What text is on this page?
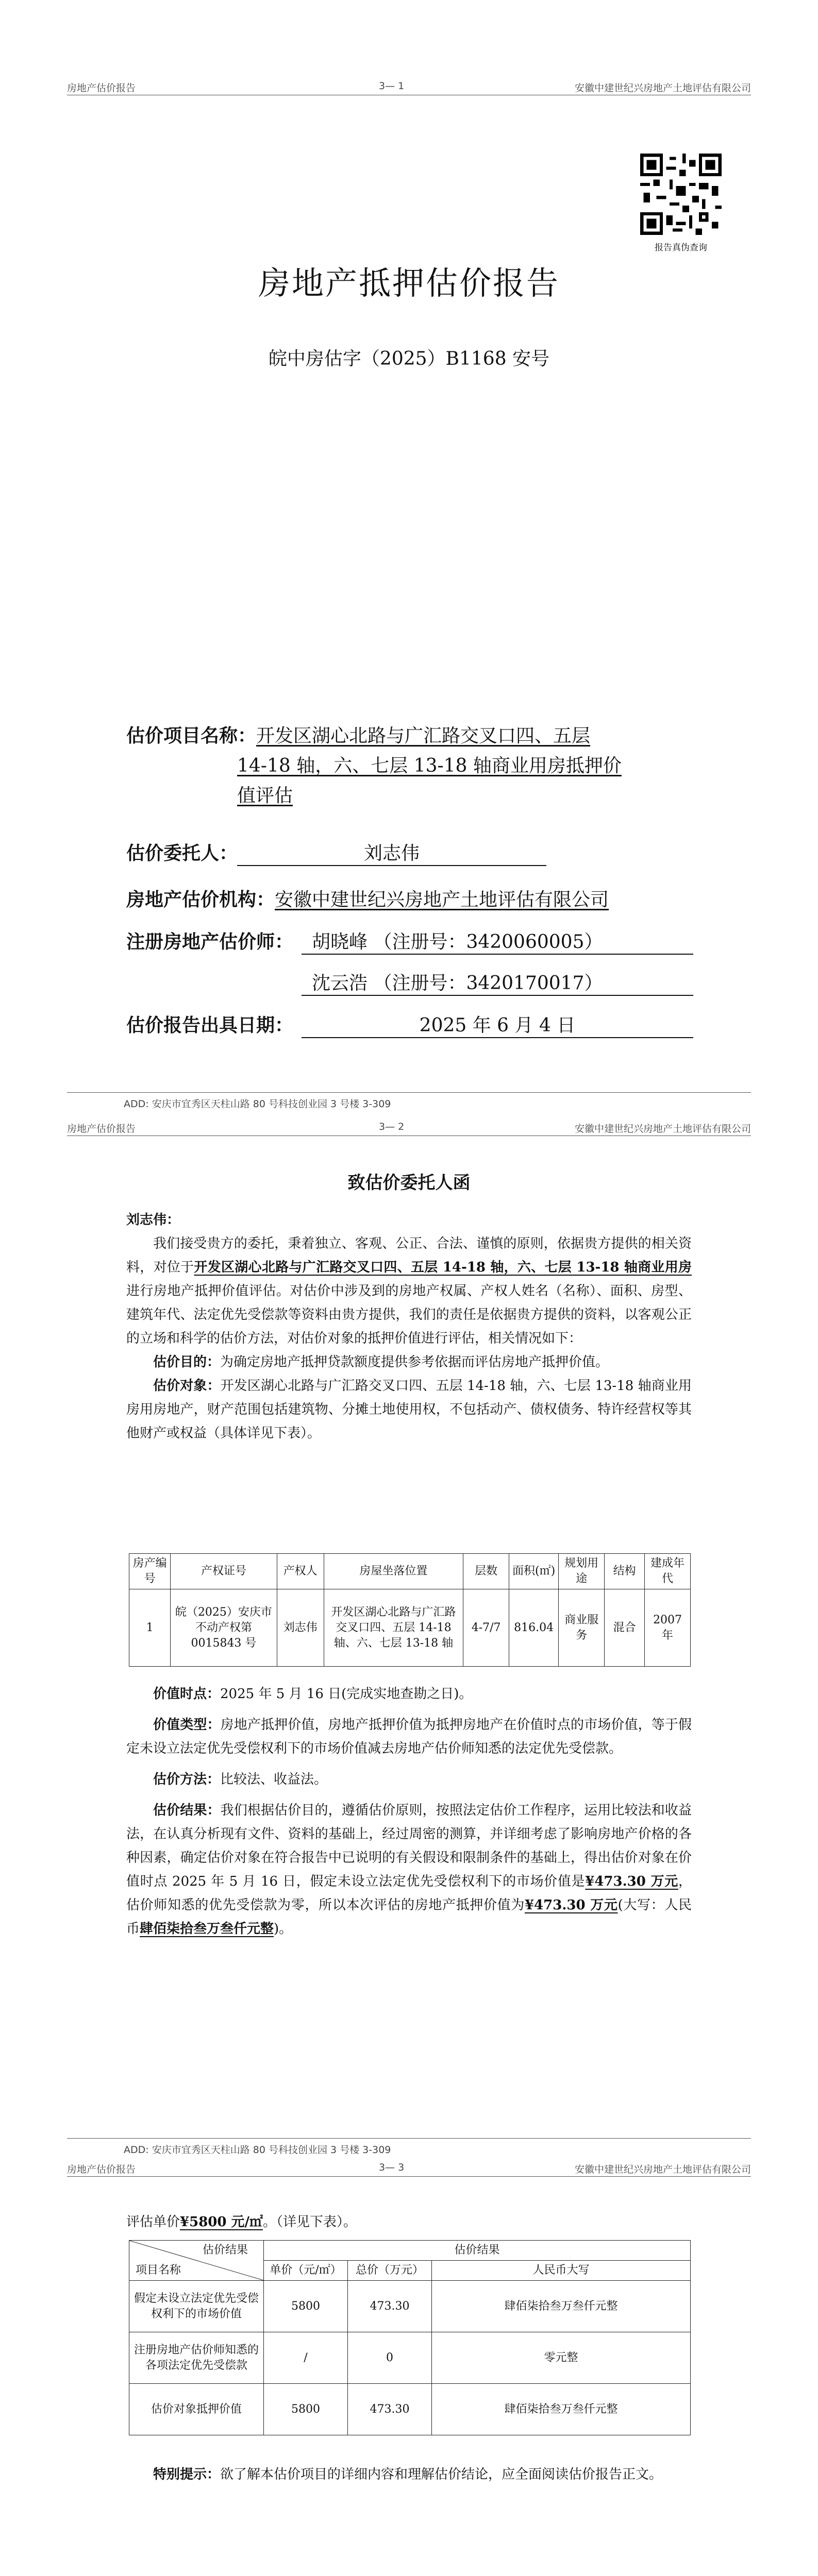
房地产估价报告	3— 1	安徽中建世纪兴房地产土地评估有限公司
报告真伪查询
房地产抵押估价报告
皖中房估字（2025）B1168 安号
估价项目名称：开发区湖心北路与广汇路交叉口四、五层
14-18 轴，六、七层 13-18 轴商业用房抵押价
值评估
估价委托人：	刘志伟
房地产估价机构：安徽中建世纪兴房地产土地评估有限公司
注册房地产估价师： 胡晓峰 （注册号：3420060005）
沈云浩 （注册号：3420170017）
估价报告出具日期：	2025 年 6 月 4 日
ADD: 安庆市宜秀区天柱山路 80 号科技创业园 3 号楼 3-309
房地产估价报告	3— 2	安徽中建世纪兴房地产土地评估有限公司
致估价委托人函

刘志伟：

我们接受贵方的委托，秉着独立、客观、公正、合法、谨慎的原则，依据贵方提供的相关资料，对位于开发区湖心北路与广汇路交叉口四、五层 14-18 轴，六、七层 13-18 轴商业用房进行房地产抵押价值评估。对估价中涉及到的房地产权属、产权人姓名（名称）、面积、房型、建筑年代、法定优先受偿款等资料由贵方提供，我们的责任是依据贵方提供的资料，以客观公正的立场和科学的估价方法，对估价对象的抵押价值进行评估，相关情况如下：

估价目的：为确定房地产抵押贷款额度提供参考依据而评估房地产抵押价值。

估价对象：开发区湖心北路与广汇路交叉口四、五层 14-18 轴，六、七层 13-18 轴商业用房用房地产，财产范围包括建筑物、分摊土地使用权，不包括动产、债权债务、特许经营权等其他财产或权益（具体详见下表）。

房产编号	产权证号	产权人	房屋坐落位置	层数	面积(㎡)	规划用途	结构	建成年代
1	皖（2025）安庆市不动产权第 0015843 号	刘志伟	开发区湖心北路与广汇路交叉口四、五层 14-18 轴、六、七层 13-18 轴	4-7/7	816.04	商业服务	混合	2007 年

价值时点：2025 年 5 月 16 日(完成实地查勘之日)。

价值类型：房地产抵押价值，房地产抵押价值为抵押房地产在价值时点的市场价值，等于假定未设立法定优先受偿权利下的市场价值减去房地产估价师知悉的法定优先受偿款。

估价方法：比较法、收益法。

估价结果：我们根据估价目的，遵循估价原则，按照法定估价工作程序，运用比较法和收益法，在认真分析现有文件、资料的基础上，经过周密的测算，并详细考虑了影响房地产价格的各种因素，确定估价对象在符合报告中已说明的有关假设和限制条件的基础上，得出估价对象在价值时点 2025 年 5 月 16 日，假定未设立法定优先受偿权利下的市场价值是¥473.30 万元，估价师知悉的优先受偿款为零，所以本次评估的房地产抵押价值为¥473.30 万元(大写：人民币肆佰柒拾叁万叁仟元整)。

ADD: 安庆市宜秀区天柱山路 80 号科技创业园 3 号楼 3-309
房地产估价报告	3— 3	安徽中建世纪兴房地产土地评估有限公司

评估单价¥5800 元/㎡。（详见下表）。

估价结果
项目名称	估价结果		
	单价（元/㎡）	总价（万元）	人民币大写
假定未设立法定优先受偿权利下的市场价值	5800	473.30	肆佰柒拾叁万叁仟元整
注册房地产估价师知悉的各项法定优先受偿款	/	0	零元整
估价对象抵押价值	5800	473.30	肆佰柒拾叁万叁仟元整

特别提示：欲了解本估价项目的详细内容和理解估价结论，应全面阅读估价报告正文。
